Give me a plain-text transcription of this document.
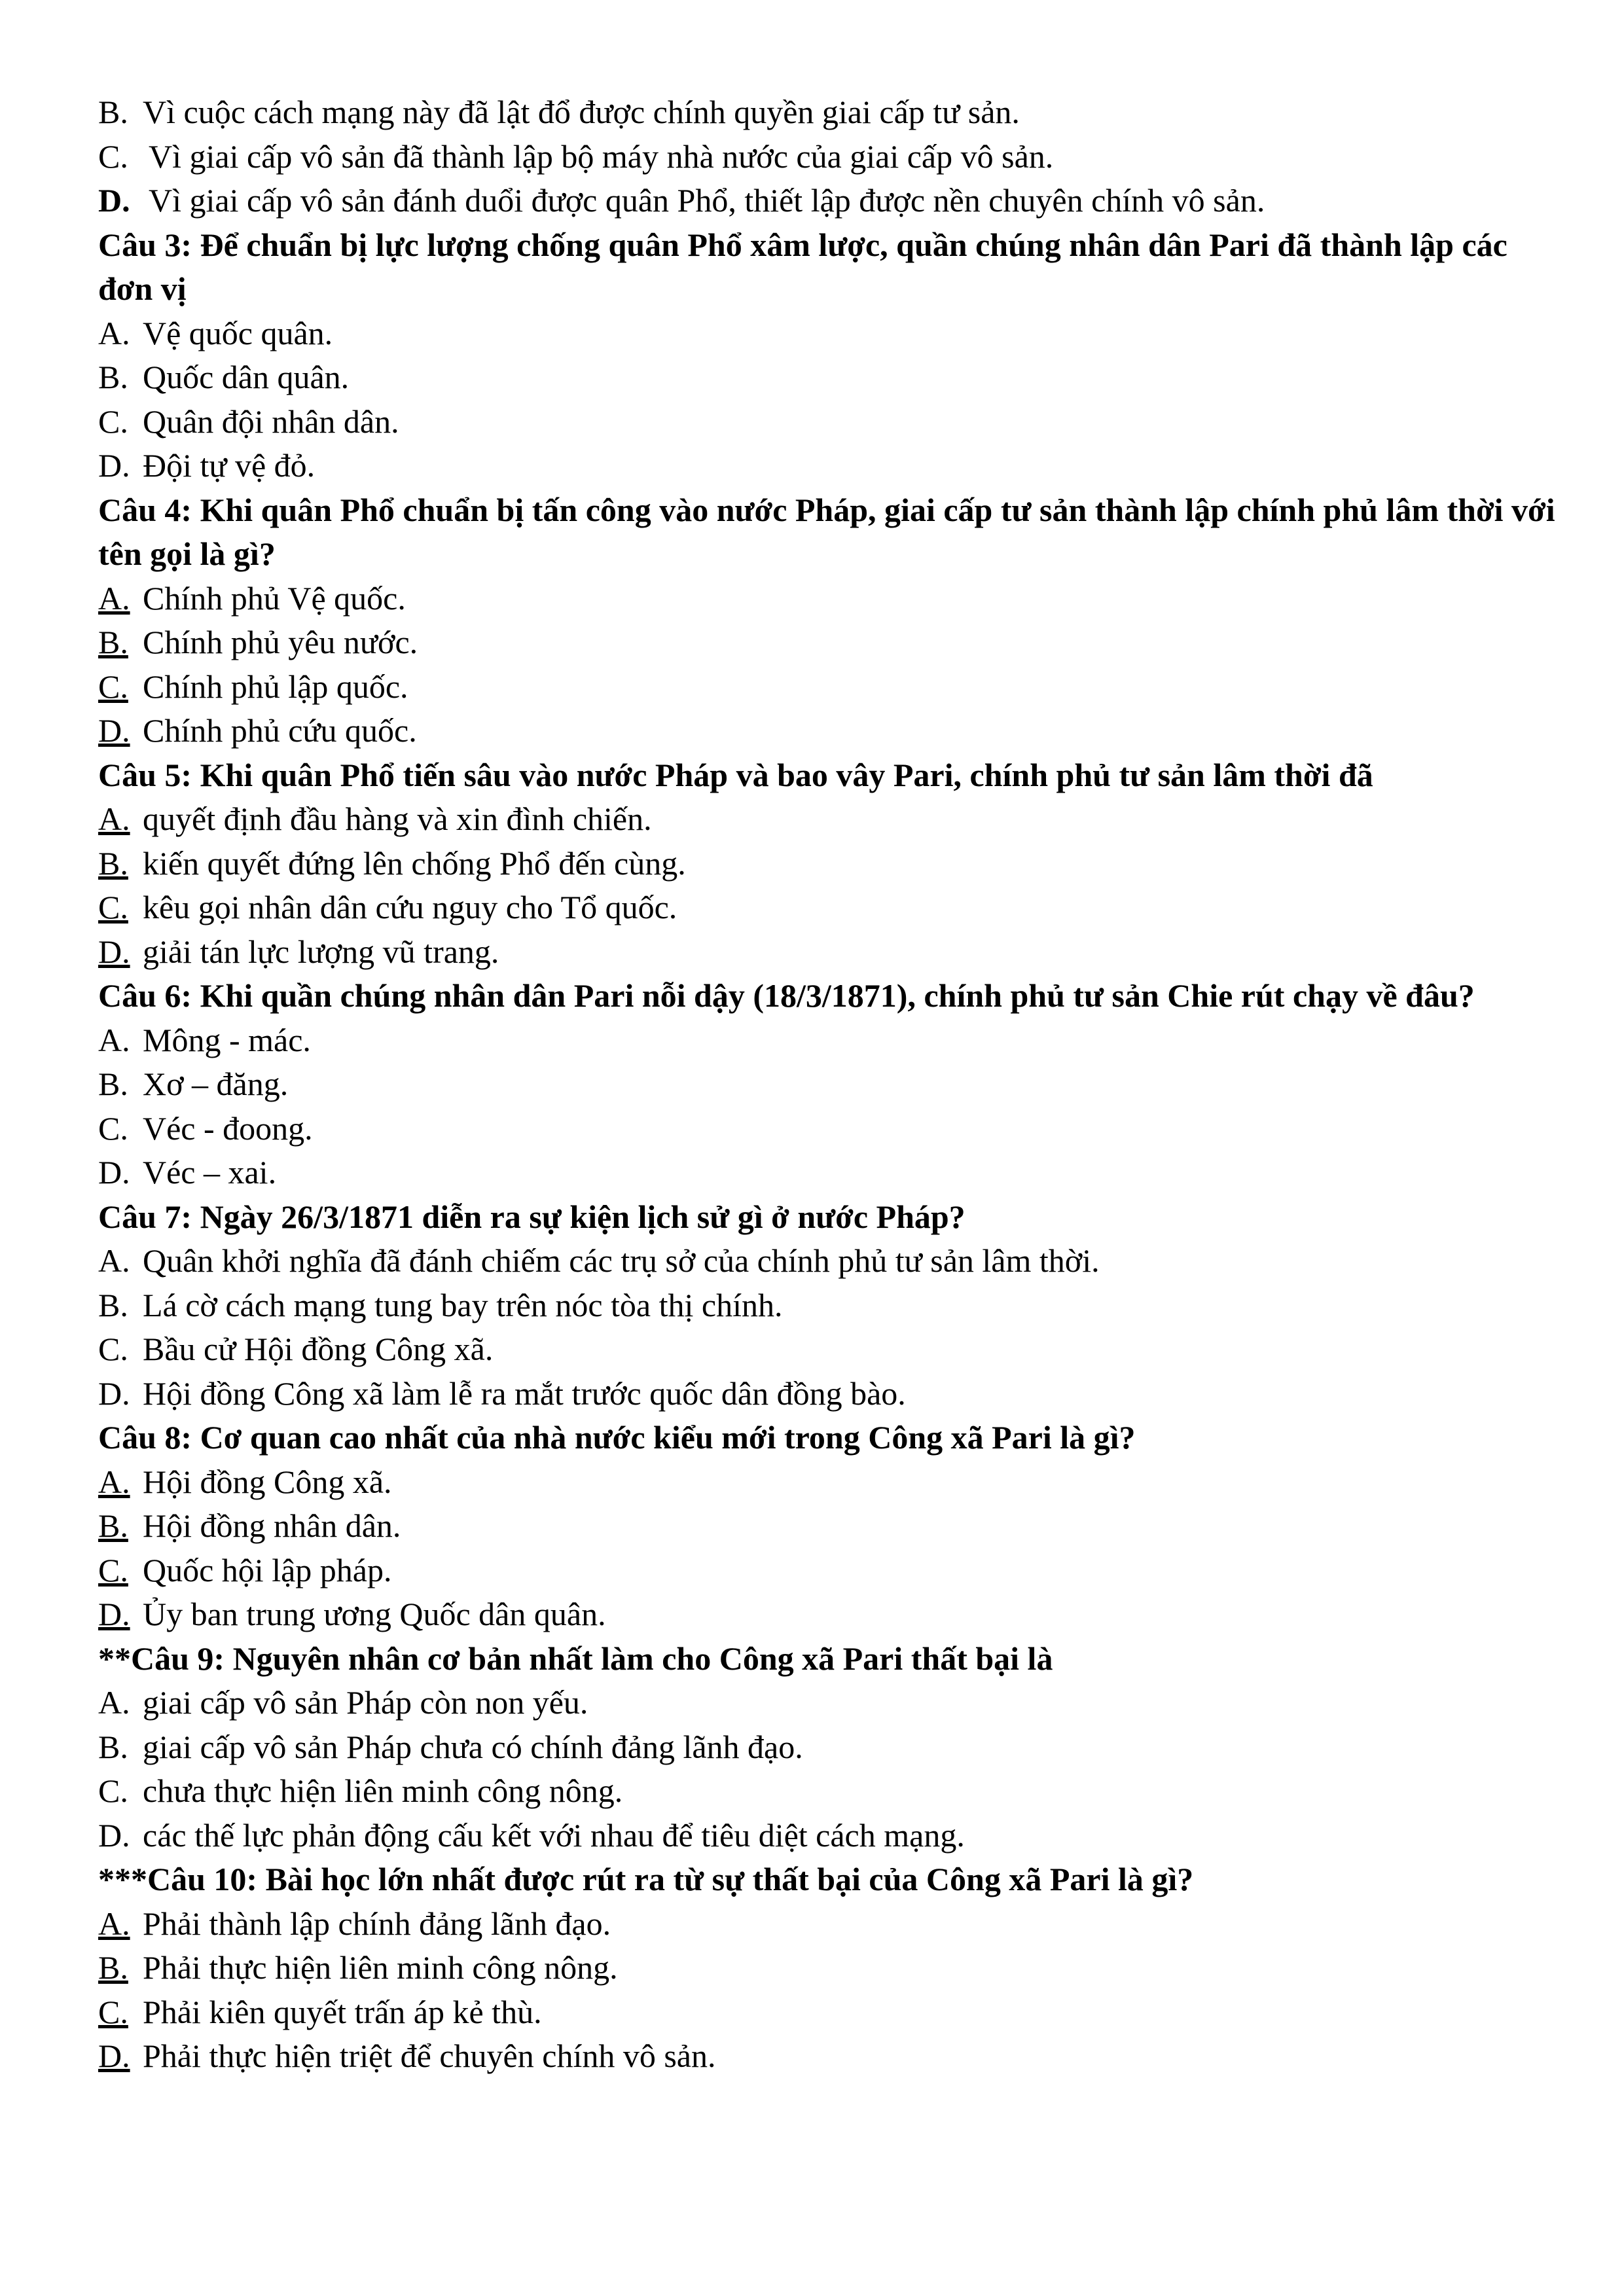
B. Vì cuộc cách mạng này đã lật đổ được chính quyền giai cấp tư sản.
C. Vì giai cấp vô sản đã thành lập bộ máy nhà nước của giai cấp vô sản.
D. Vì giai cấp vô sản đánh duổi được quân Phổ, thiết lập được nền chuyên chính vô sản.
Câu 3: Để chuẩn bị lực lượng chống quân Phổ xâm lược, quần chúng nhân dân Pari đã thành lập các đơn vị
A. Vệ quốc quân.
B. Quốc dân quân.
C. Quân đội nhân dân.
D. Đội tự vệ đỏ.
Câu 4: Khi quân Phổ chuẩn bị tấn công vào nước Pháp, giai cấp tư sản thành lập chính phủ lâm thời với tên gọi là gì?
A. Chính phủ Vệ quốc.
B. Chính phủ yêu nước.
C. Chính phủ lập quốc.
D. Chính phủ cứu quốc.
Câu 5: Khi quân Phổ tiến sâu vào nước Pháp và bao vây Pari, chính phủ tư sản lâm thời đã
A. quyết định đầu hàng và xin đình chiến.
B. kiến quyết đứng lên chống Phổ đến cùng.
C. kêu gọi nhân dân cứu nguy cho Tổ quốc.
D. giải tán lực lượng vũ trang.
Câu 6: Khi quần chúng nhân dân Pari nỗi dậy (18/3/1871), chính phủ tư sản Chie rút chạy về đâu?
A. Mông - mác.
B. Xơ – đăng.
C. Véc - đoong.
D. Véc – xai.
Câu 7: Ngày 26/3/1871 diễn ra sự kiện lịch sử gì ở nước Pháp?
A. Quân khởi nghĩa đã đánh chiếm các trụ sở của chính phủ tư sản lâm thời.
B. Lá cờ cách mạng tung bay trên nóc tòa thị chính.
C. Bầu cử Hội đồng Công xã.
D. Hội đồng Công xã làm lễ ra mắt trước quốc dân đồng bào.
Câu 8: Cơ quan cao nhất của nhà nước kiểu mới trong Công xã Pari là gì?
A. Hội đồng Công xã.
B. Hội đồng nhân dân.
C. Quốc hội lập pháp.
D. Ủy ban trung ương Quốc dân quân.
**Câu 9: Nguyên nhân cơ bản nhất làm cho Công xã Pari thất bại là
A. giai cấp vô sản Pháp còn non yếu.
B. giai cấp vô sản Pháp chưa có chính đảng lãnh đạo.
C. chưa thực hiện liên minh công nông.
D. các thế lực phản động cấu kết với nhau để tiêu diệt cách mạng.
***Câu 10: Bài học lớn nhất được rút ra từ sự thất bại của Công xã Pari là gì?
A. Phải thành lập chính đảng lãnh đạo.
B. Phải thực hiện liên minh công nông.
C. Phải kiên quyết trấn áp kẻ thù.
D. Phải thực hiện triệt để chuyên chính vô sản.
